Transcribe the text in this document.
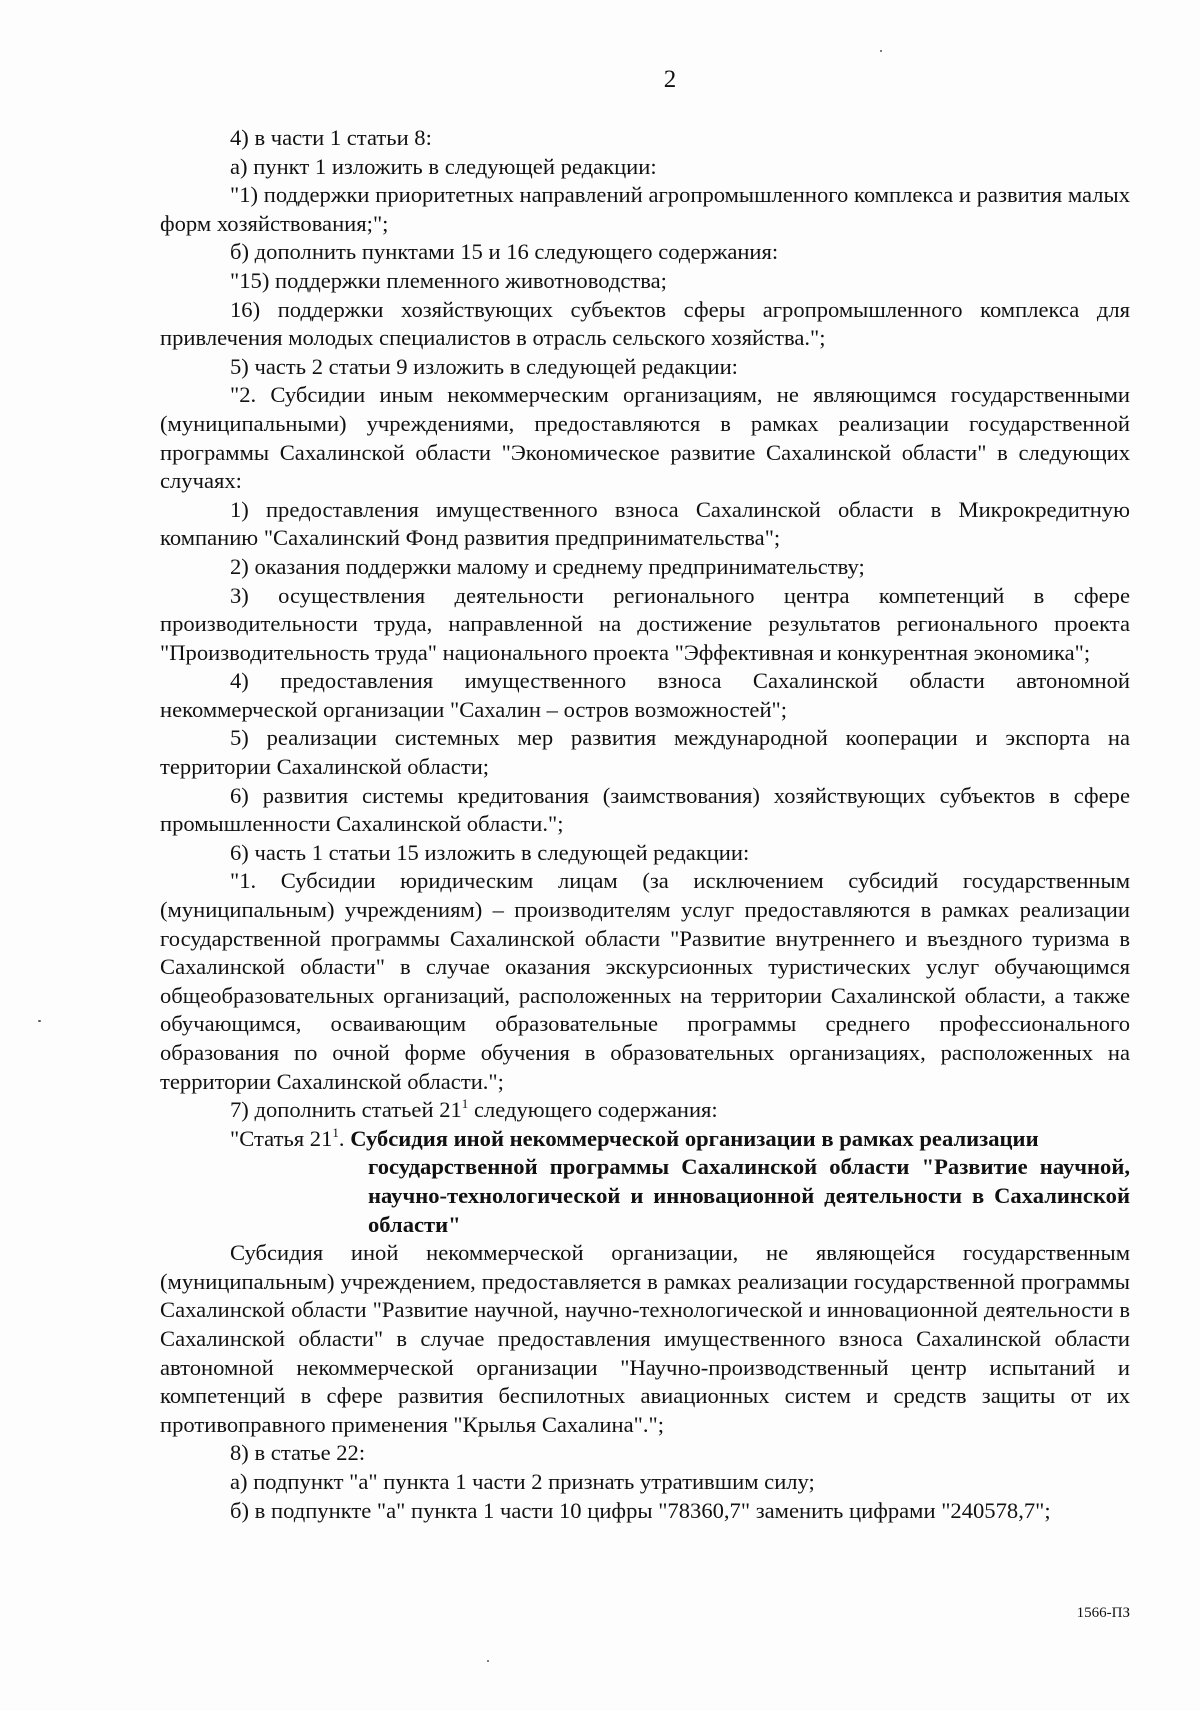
2

4) в части 1 статьи 8:

а) пункт 1 изложить в следующей редакции:

"1) поддержки приоритетных направлений агропромышленного комплекса и развития малых форм хозяйствования;";

б) дополнить пунктами 15 и 16 следующего содержания:

"15) поддержки племенного животноводства;

16) поддержки хозяйствующих субъектов сферы агропромышленного комплекса для привлечения молодых специалистов в отрасль сельского хозяйства.";

5) часть 2 статьи 9 изложить в следующей редакции:

"2. Субсидии иным некоммерческим организациям, не являющимся государственными (муниципальными) учреждениями, предоставляются в рамках реализации государственной программы Сахалинской области "Экономическое развитие Сахалинской области" в следующих случаях:

1) предоставления имущественного взноса Сахалинской области в Микрокредитную компанию "Сахалинский Фонд развития предпринимательства";

2) оказания поддержки малому и среднему предпринимательству;

3) осуществления деятельности регионального центра компетенций в сфере производительности труда, направленной на достижение результатов регионального проекта "Производительность труда" национального проекта "Эффективная и конкурентная экономика";

4) предоставления имущественного взноса Сахалинской области автономной некоммерческой организации "Сахалин – остров возможностей";

5) реализации системных мер развития международной кооперации и экспорта на территории Сахалинской области;

6) развития системы кредитования (заимствования) хозяйствующих субъектов в сфере промышленности Сахалинской области.";

6) часть 1 статьи 15 изложить в следующей редакции:

"1. Субсидии юридическим лицам (за исключением субсидий государственным (муниципальным) учреждениям) – производителям услуг предоставляются в рамках реализации государственной программы Сахалинской области "Развитие внутреннего и въездного туризма в Сахалинской области" в случае оказания экскурсионных туристических услуг обучающимся общеобразовательных организаций, расположенных на территории Сахалинской области, а также обучающимся, осваивающим образовательные программы среднего профессионального образования по очной форме обучения в образовательных организациях, расположенных на территории Сахалинской области.";

7) дополнить статьей $21^1$ следующего содержания:

"Статья $21^1$. Субсидия иной некоммерческой организации в рамках реализации

государственной программы Сахалинской области "Развитие научной, научно-технологической и инновационной деятельности в Сахалинской области"

Субсидия иной некоммерческой организации, не являющейся государственным (муниципальным) учреждением, предоставляется в рамках реализации государственной программы Сахалинской области "Развитие научной, научно-технологической и инновационной деятельности в Сахалинской области" в случае предоставления имущественного взноса Сахалинской области автономной некоммерческой организации "Научно-производственный центр испытаний и компетенций в сфере развития беспилотных авиационных систем и средств защиты от их противоправного применения "Крылья Сахалина".";

8) в статье 22:

а) подпункт "а" пункта 1 части 2 признать утратившим силу;

б) в подпункте "а" пункта 1 части 10 цифры "78360,7" заменить цифрами "240578,7";

1566-ПЗ
